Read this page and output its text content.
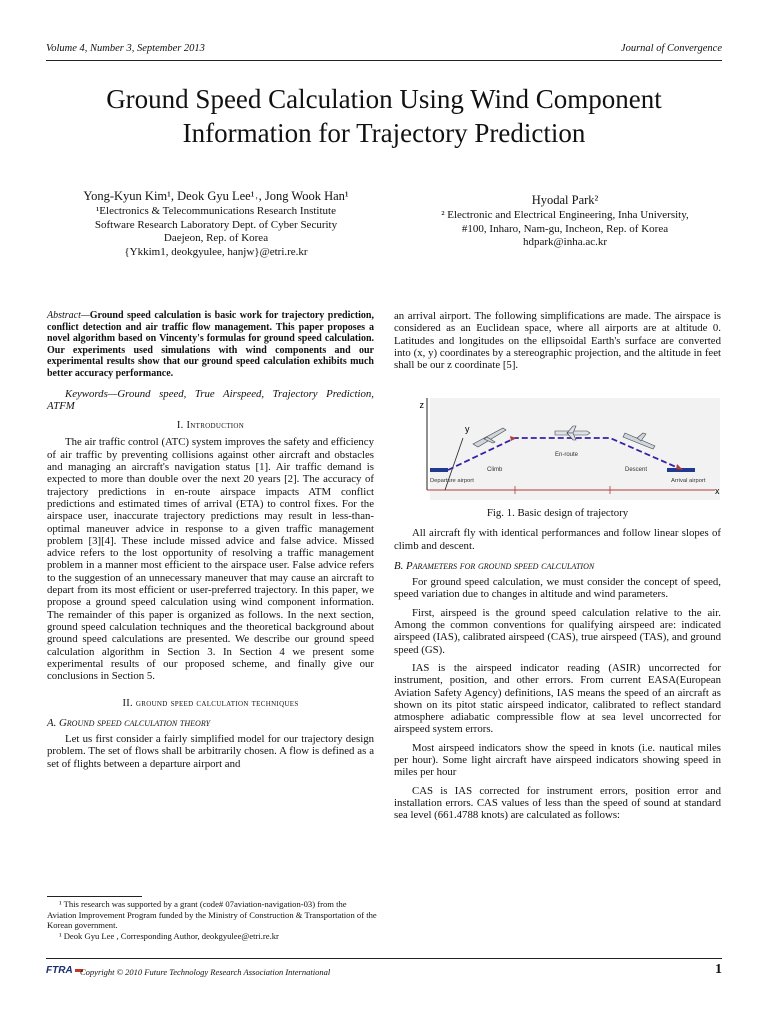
Volume 4, Number 3, September 2013	Journal of Convergence
Ground Speed Calculation Using Wind Component
Information for Trajectory Prediction
Yong-Kyun Kim¹, Deok Gyu Lee¹˒, Jong Wook Han¹
¹Electronics & Telecommunications Research Institute
Software Research Laboratory Dept. of Cyber Security
Daejeon, Rep. of Korea
{Ykkim1, deokgyulee, hanjw}@etri.re.kr
Hyodal Park²
² Electronic and Electrical Engineering, Inha University,
#100, Inharo, Nam-gu, Incheon, Rep. of Korea
hdpark@inha.ac.kr

Abstract—Ground speed calculation is basic work for trajectory prediction, conflict detection and air traffic flow management. This paper proposes a novel algorithm based on Vincenty's formulas for ground speed calculation. Our experiments used simulations with wind components and our experimental results show that our ground speed calculation exhibits much better accuracy performance.

Keywords—Ground speed, True Airspeed, Trajectory Prediction, ATFM

I. Introduction

The air traffic control (ATC) system improves the safety and efficiency of air traffic by preventing collisions against other aircraft and obstacles and managing an aircraft's navigation status [1]. Air traffic demand is expected to more than double over the next 20 years [2]. The accuracy of trajectory predictions in en-route airspace impacts ATM conflict predictions and estimated times of arrival (ETA) to control fixes. For the airspace user, inaccurate trajectory predictions may result in less-than-optimal maneuver advice in response to a given traffic management problem [3][4]. These include missed advice and false advice. Missed advice refers to the lost opportunity of resolving a traffic management problem in a manner most efficient to the airspace user. False advice refers to the suggestion of an unnecessary maneuver that may cause an aircraft to depart from its most efficient or user-preferred trajectory. In this paper, we propose a ground speed calculation using wind component information. The remainder of this paper is organized as follows. In the next section, ground speed calculation techniques and the theoretical background about ground speed calculations are presented. We describe our ground speed calculation algorithm in Section 3. In Section 4 we present some experimental results of our proposed scheme, and finally give our conclusions in Section 5.

II. ground speed calculation techniques

A. Ground speed calculation theory

Let us first consider a fairly simplified model for our trajectory design problem. The set of flows shall be arbitrarily chosen. A flow is defined as a set of flights between a departure airport and

¹ This research was supported by a grant (code# 07aviation-navigation-03) from the Aviation Improvement Program funded by the Ministry of Construction & Transportation of the Korean government.
¹ Deok Gyu Lee , Corresponding Author, deokgyulee@etri.re.kr

an arrival airport. The following simplifications are made. The airspace is considered as an Euclidean space, where all airports are at altitude 0. Latitudes and longitudes on the ellipsoidal Earth's surface are converted into (x, y) coordinates by a stereographic projection, and the altitude in feet shall be our z coordinate [5].

z
x
y
Departure airport
Climb
En-route
Descent
Arrival airport

Fig. 1. Basic design of trajectory

All aircraft fly with identical performances and follow linear slopes of climb and descent.

B. Parameters for ground speed calculation

For ground speed calculation, we must consider the concept of speed, speed variation due to changes in altitude and wind parameters.

First, airspeed is the ground speed calculation relative to the air. Among the common conventions for qualifying airspeed are: indicated airspeed (IAS), calibrated airspeed (CAS), true airspeed (TAS), and ground speed (GS).

IAS is the airspeed indicator reading (ASIR) uncorrected for instrument, position, and other errors. From current EASA(European Aviation Safety Agency) definitions, IAS means the speed of an aircraft as shown on its pitot static airspeed indicator, calibrated to reflect standard atmosphere adiabatic compressible flow at sea level uncorrected for airspeed system errors.

Most airspeed indicators show the speed in knots (i.e. nautical miles per hour). Some light aircraft have airspeed indicators showing speed in miles per hour

CAS is IAS corrected for instrument errors, position error and installation errors. CAS values of less than the speed of sound at standard sea level (661.4788 knots) are calculated as follows:

FTRA Copyright © 2010 Future Technology Research Association International	1
